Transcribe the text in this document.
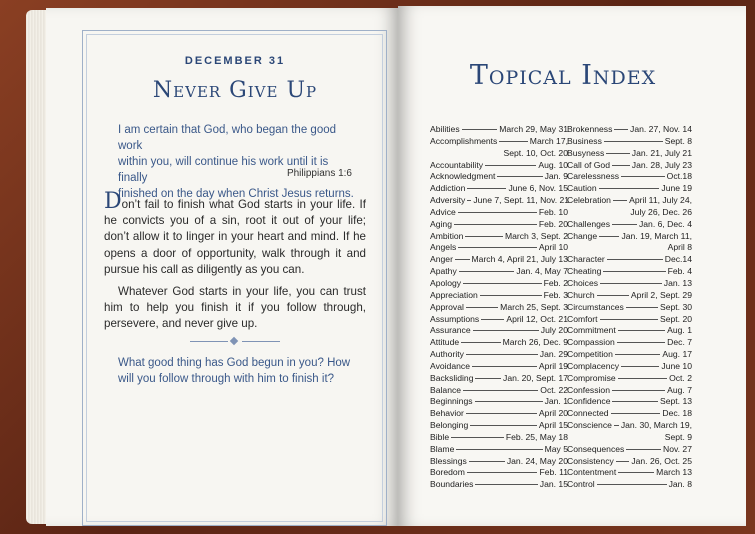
DECEMBER 31
Never Give Up
I am certain that God, who began the good work
within you, will continue his work until it is finally
finished on the day when Christ Jesus returns.
Philippians 1:6

Don’t fail to finish what God starts in your life. If he convicts you of a sin, root it out of your life; don’t allow it to linger in your heart and mind. If he opens a door of opportunity, walk through it and pursue his call as diligently as you can.

Whatever God starts in your life, you can trust him to help you finish it if you follow through, persevere, and never give up.

What good thing has God begun in you? How will you follow through with him to finish it?
Topical Index
Abilities	March 29, May 31
Accomplishments	March 17,
Sept. 10, Oct. 20
Accountability	Aug. 10
Acknowledgment	Jan. 9
Addiction	June 6, Nov. 15
Adversity June 7, Sept. 11, Nov. 21
Advice	Feb. 10
Aging	Feb. 20
Ambition	March 3, Sept. 2
Angels	April 10
Anger March 4, April 21, July 13
Apathy	Jan. 4, May 7
Apology	Feb. 2
Appreciation	Feb. 3
Approval	March 25, Sept. 3
Assumptions	April 12, Oct. 21
Assurance	July 20
Attitude	March 26, Dec. 9
Authority	Jan. 29
Avoidance	April 19
Backsliding	Jan. 20, Sept. 17
Balance	Oct. 22
Beginnings	Jan. 1
Behavior	April 20
Belonging	April 15
Bible	Feb. 25, May 18
Blame	May 5
Blessings	Jan. 24, May 20
Boredom	Feb. 11
Boundaries	Jan. 15
Brokenness Jan. 27, Nov. 14
Business	Sept. 8
Busyness	Jan. 21, July 21
Call of God	Jan. 28, July 23
Carelessness	Oct.18
Caution	June 19
Celebration April 11, July 24,
July 26, Dec. 26
Challenges	Jan. 6, Dec. 4
Change	Jan. 19, March 11,
April 8
Character	Dec.14
Cheating	Feb. 4
Choices	Jan. 13
Church	April 2, Sept. 29
Circumstances	Sept. 30
Comfort	Sept. 20
Commitment	Aug. 1
Compassion	Dec. 7
Competition	Aug. 17
Complacency	June 10
Compromise	Oct. 2
Confession	Aug. 7
Confidence	Sept. 13
Connected	Dec. 18
Conscience Jan. 30, March 19,
Sept. 9
Consequences	Nov. 27
Consistency Jan. 26, Oct. 25
Contentment	March 13
Control	Jan. 8
